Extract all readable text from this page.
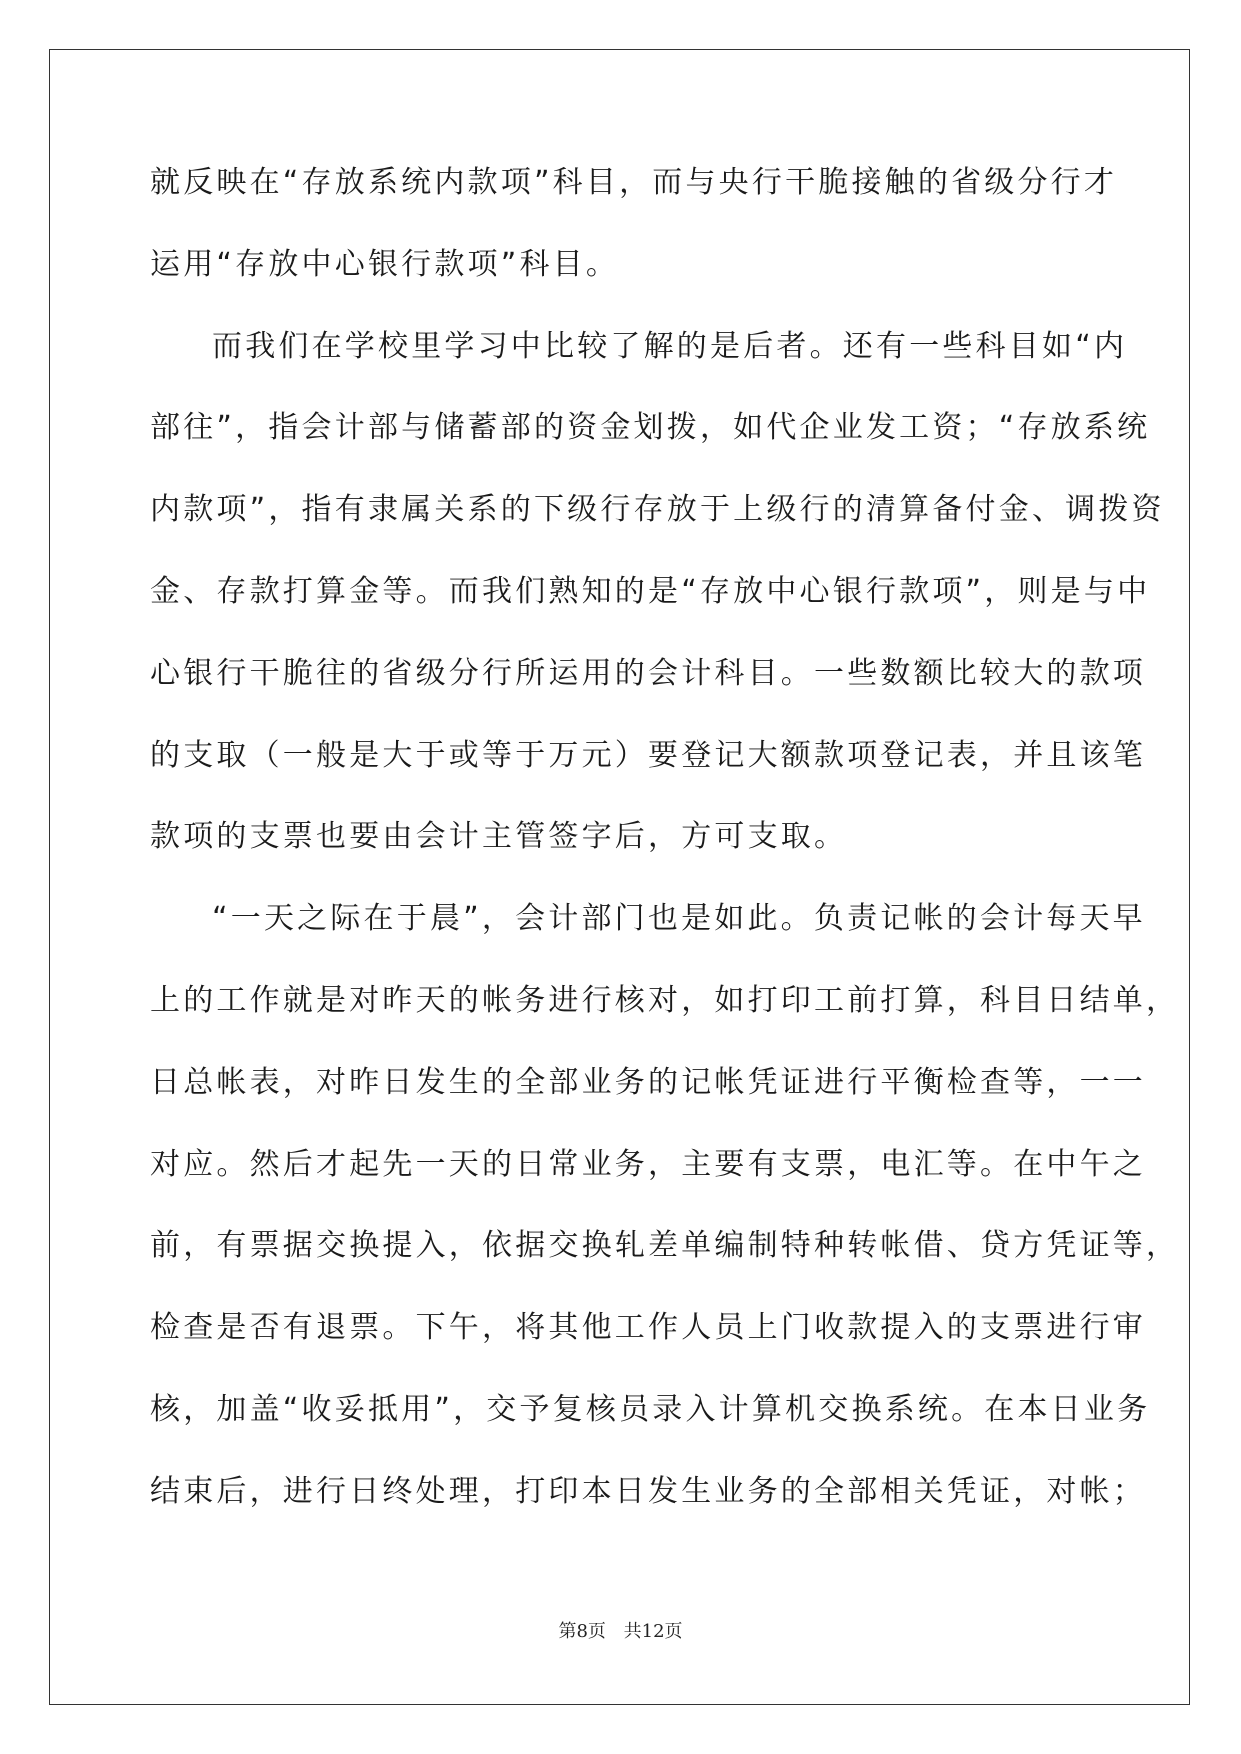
就反映在“存放系统内款项”科目，而与央行干脆接触的省级分行才

运用“存放中心银行款项”科目。

而我们在学校里学习中比较了解的是后者。还有一些科目如“内

部往”，指会计部与储蓄部的资金划拨，如代企业发工资；“存放系统

内款项”，指有隶属关系的下级行存放于上级行的清算备付金、调拨资

金、存款打算金等。而我们熟知的是“存放中心银行款项”，则是与中

心银行干脆往的省级分行所运用的会计科目。一些数额比较大的款项

的支取（一般是大于或等于万元）要登记大额款项登记表，并且该笔

款项的支票也要由会计主管签字后，方可支取。

“一天之际在于晨”，会计部门也是如此。负责记帐的会计每天早

上的工作就是对昨天的帐务进行核对，如打印工前打算，科目日结单，

日总帐表，对昨日发生的全部业务的记帐凭证进行平衡检查等，一一

对应。然后才起先一天的日常业务，主要有支票，电汇等。在中午之

前，有票据交换提入，依据交换轧差单编制特种转帐借、贷方凭证等，

检查是否有退票。下午，将其他工作人员上门收款提入的支票进行审

核，加盖“收妥抵用”，交予复核员录入计算机交换系统。在本日业务

结束后，进行日终处理，打印本日发生业务的全部相关凭证，对帐；

第8页 共12页
